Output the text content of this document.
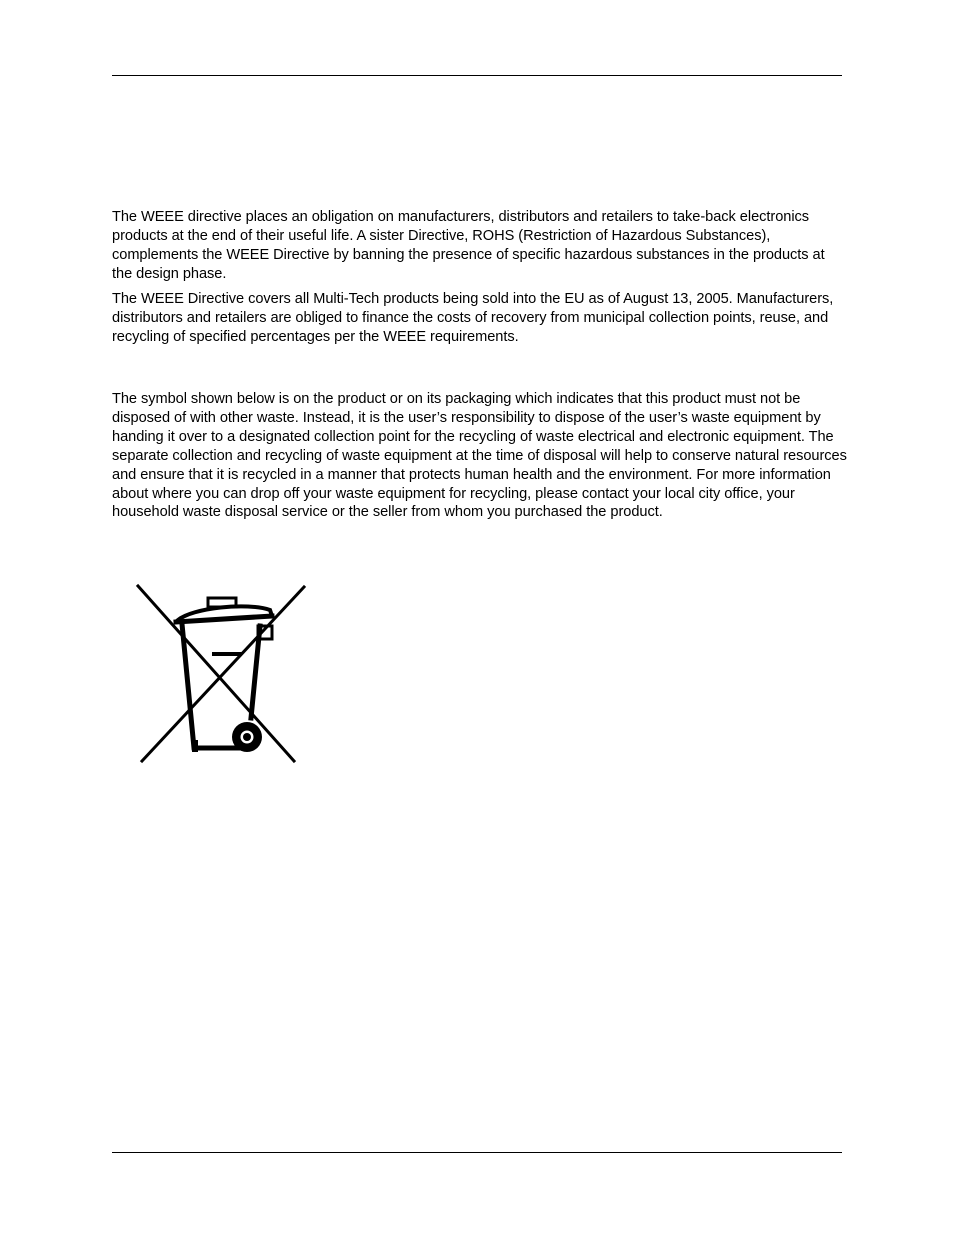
The WEEE directive places an obligation on manufacturers, distributors and retailers to take-back electronics products at the end of their useful life. A sister Directive, ROHS (Restriction of Hazardous Substances), complements the WEEE Directive by banning the presence of specific hazardous substances in the products at the design phase.

The WEEE Directive covers all Multi-Tech products being sold into the EU as of August 13, 2005. Manufacturers, distributors and retailers are obliged to finance the costs of recovery from municipal collection points, reuse, and recycling of specified percentages per the WEEE requirements.

The symbol shown below is on the product or on its packaging which indicates that this product must not be disposed of with other waste. Instead, it is the user’s responsibility to dispose of the user’s waste equipment by handing it over to a designated collection point for the recycling of waste electrical and electronic equipment. The separate collection and recycling of waste equipment at the time of disposal will help to conserve natural resources and ensure that it is recycled in a manner that protects human health and the environment. For more information about where you can drop off your waste equipment for recycling, please contact your local city office, your household waste disposal service or the seller from whom you purchased the product.
